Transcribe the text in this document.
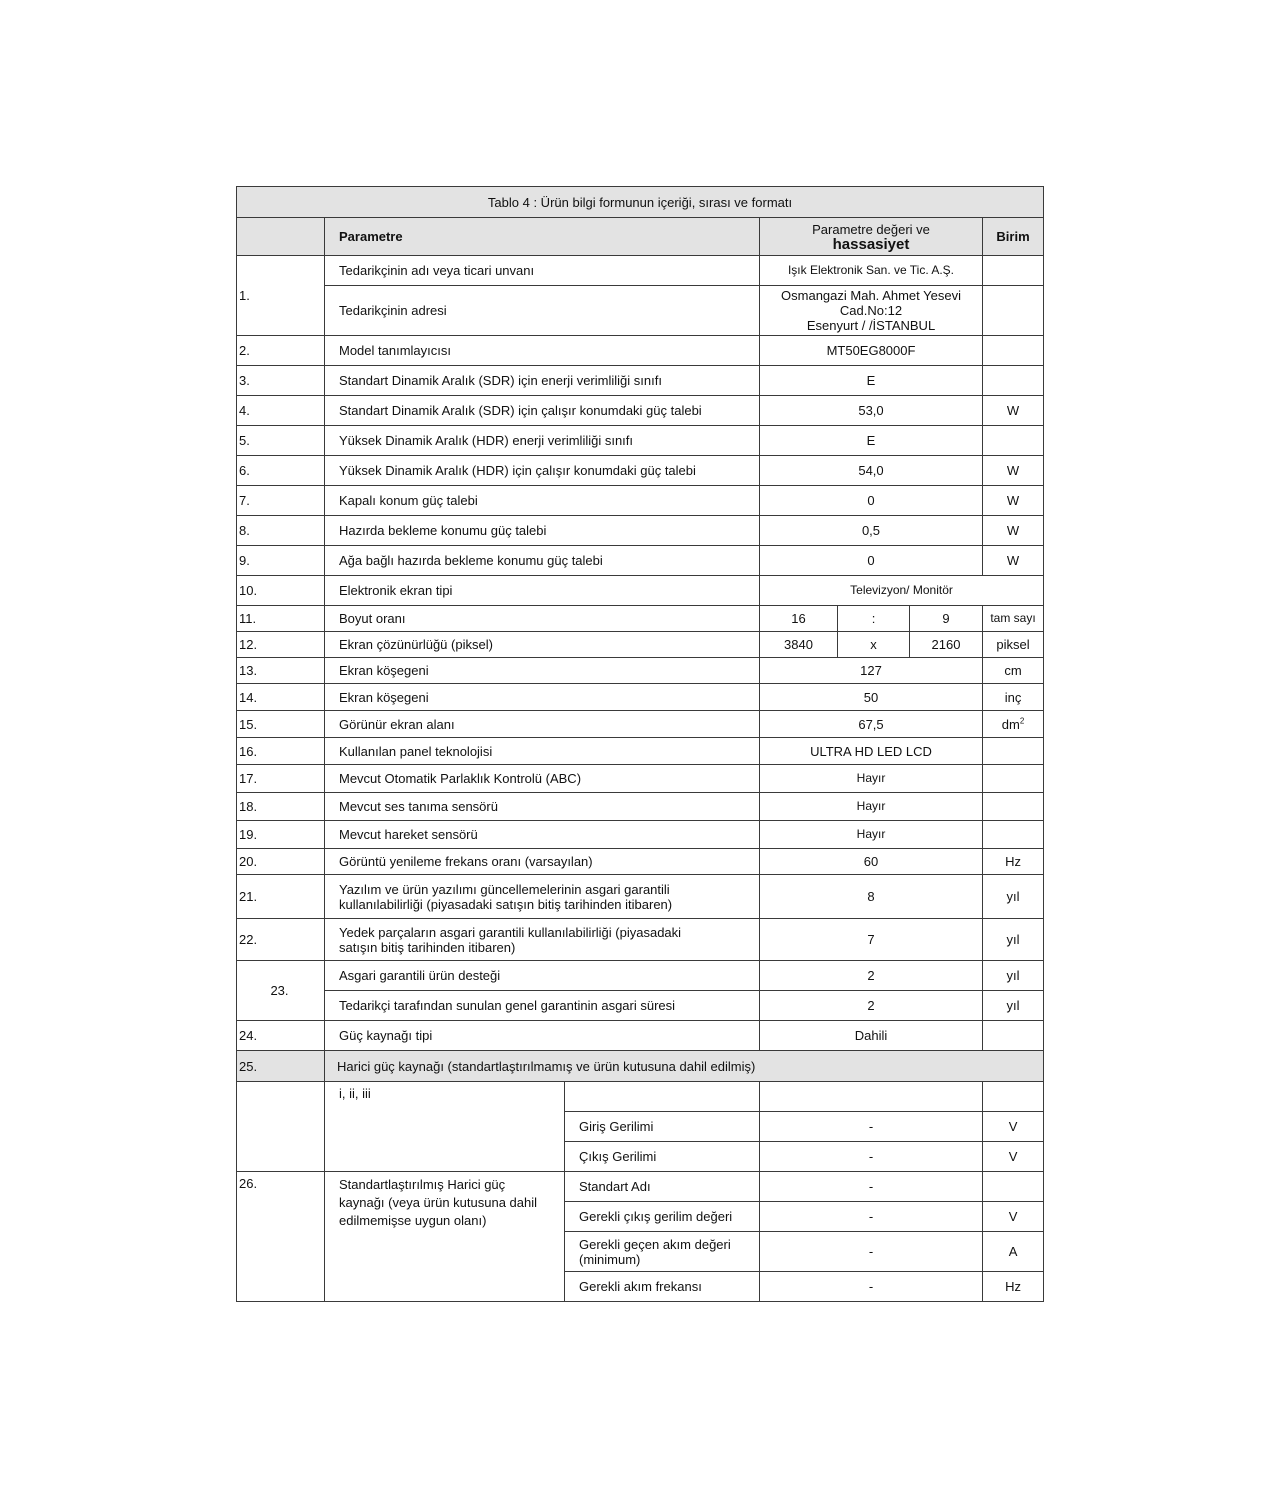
Tablo 4 : Ürün bilgi formunun içeriği, sırası ve formatı						
	Parametre		Parametre değeri ve
hassasiyet			Birim
1.	Tedarikçinin adı veya ticari unvanı		Işık Elektronik San. ve Tic. A.Ş.			
	Tedarikçinin adresi		Osmangazi Mah. Ahmet Yesevi
Cad.No:12
Esenyurt / /İSTANBUL			
2.	Model tanımlayıcısı		MT50EG8000F			
3.	Standart Dinamik Aralık (SDR) için enerji verimliliği sınıfı		E			
4.	Standart Dinamik Aralık (SDR) için çalışır konumdaki güç talebi		53,0			W
5.	Yüksek Dinamik Aralık (HDR) enerji verimliliği sınıfı		E			
6.	Yüksek Dinamik Aralık (HDR) için çalışır konumdaki güç talebi		54,0			W
7.	Kapalı konum güç talebi		0			W
8.	Hazırda bekleme konumu güç talebi		0,5			W
9.	Ağa bağlı hazırda bekleme konumu güç talebi		0			W
10.	Elektronik ekran tipi		Televizyon/ Monitör			
11.	Boyut oranı		16	:	9	tam sayı
12.	Ekran çözünürlüğü (piksel)		3840	x	2160	piksel
13.	Ekran köşegeni		127			cm
14.	Ekran köşegeni		50			inç
15.	Görünür ekran alanı		67,5			$dm^2$
16.	Kullanılan panel teknolojisi		ULTRA HD LED LCD			
17.	Mevcut Otomatik Parlaklık Kontrolü (ABC)		Hayır			
18.	Mevcut ses tanıma sensörü		Hayır			
19.	Mevcut hareket sensörü		Hayır			
20.	Görüntü yenileme frekans oranı (varsayılan)		60			Hz
21.	Yazılım ve ürün yazılımı güncellemelerinin asgari garantili
kullanılabilirliği (piyasadaki satışın bitiş tarihinden itibaren)		8			yıl
22.	Yedek parçaların asgari garantili kullanılabilirliği (piyasadaki
satışın bitiş tarihinden itibaren)		7			yıl
23.	Asgari garantili ürün desteği		2			yıl
	Tedarikçi tarafından sunulan genel garantinin asgari süresi		2			yıl
24.	Güç kaynağı tipi		Dahili			
25.	Harici güç kaynağı (standartlaştırılmamış ve ürün kutusuna dahil edilmiş)					
	i, ii, iii					
		Giriş Gerilimi	-			V
		Çıkış Gerilimi	-			V
26.	Standartlaştırılmış Harici güç
kaynağı (veya ürün kutusuna dahil
edilmemişse uygun olanı)	Standart Adı	-			
		Gerekli çıkış gerilim değeri	-			V
		Gerekli geçen akım değeri
(minimum)	-			A
		Gerekli akım frekansı	-			Hz
